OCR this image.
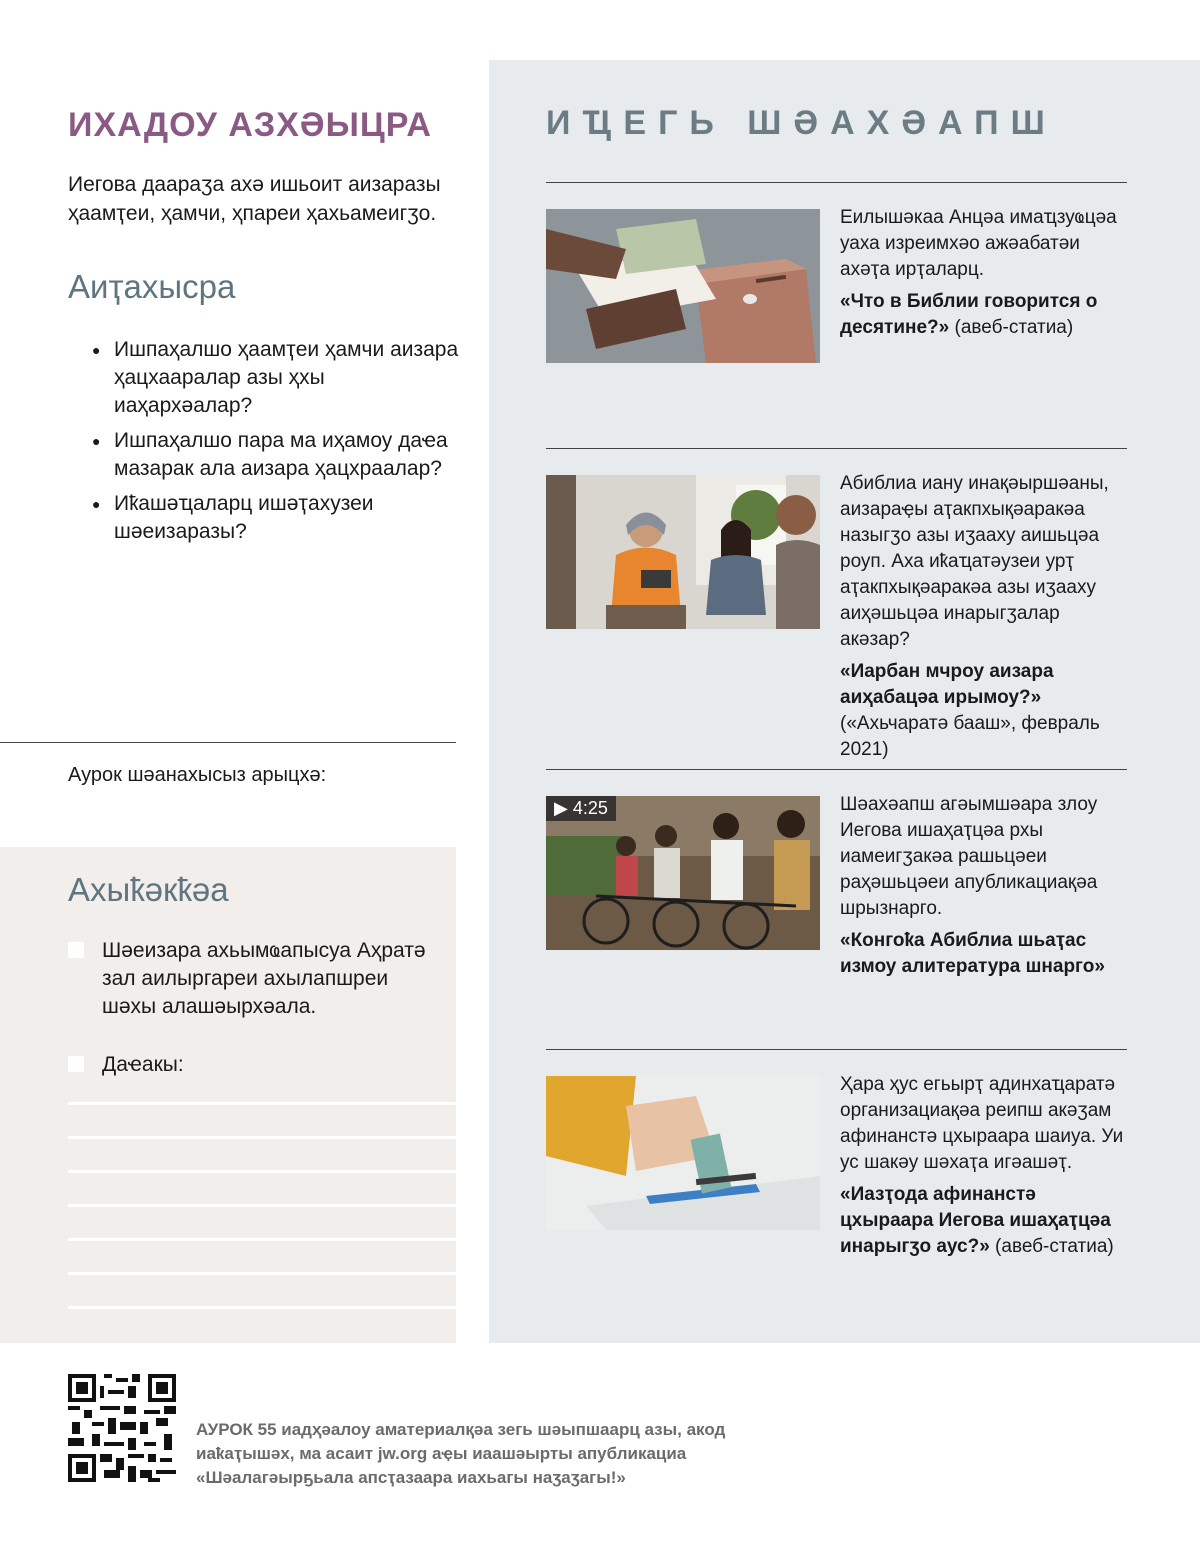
ИХАДОУ АЗХӘЫЦРА

Иегова даараӡа ахә ишьоит аизаразы ҳаамҭеи, ҳамчи, ҳпареи ҳахьамеигӡо.

Аиҭахысра
● Ишпаҳалшо ҳаамҭеи ҳамчи аизара ҳацхааралар азы ҳхы иаҳархәалар?
● Ишпаҳалшо пара ма иҳамоу даҽа мазарак ала аизара ҳацхраалар?
● Иҟашәҵаларц ишәҭахузеи шәеизаразы?

Аурок шәанахысыз арыцхә:

Ахыҟәкҟәа
Шәеизара ахьымҩапысуа Аҳратә зал аилыргареи ахылапшреи шәхы алашәырхәала.
Даҽакы:
ИҴЕГЬ ШӘАХӘАПШ

Еилышәкаа Анцәа имаҵзуҩцәа уаха изреимхәо ажәабатәи ахәҭа ирҭаларц.

«Что в Библии говорится о десятине?» (авеб-статиа)

Абиблиа иану инақәыршәаны, аизараҿы аҭакпхықәаракәа назыгӡо азы иӡааху аишьцәа роуп. Аха иҟаҵатәузеи урҭ аҭакпхықәаракәа азы иӡааху аиҳәшьцәа инарыгӡалар акәзар?

«Иарбан мчроу аизара аиҳабацәа ирымоу?» («Ахьчаратә бааш», февраль 2021)

▶ 4:25	Шәахәапш агәымшәара злоу Иегова ишаҳаҭцәа рхы иамеигӡакәа рашьцәеи раҳәшьцәеи апубликациақәа шрызнарго.

«Конгоҟа Абиблиа шьаҭас измоу алитература шнарго»

Ҳара ҳус егьырҭ адинхаҵаратә организациақәа реипш акәӡам афинанстә цхыраара шаиуа. Уи ус шакәу шәхаҭа игәашәҭ.

«Иазҭода афинанстә цхыраара Иегова ишаҳаҭцәа инарыгӡо аус?» (авеб-статиа)

АУРОК 55 иадҳәалоу аматериалқәа зегь шәыпшаарц азы, акод иаҟаҭышәх, ма асаит jw.org аҿы иаашәырты апубликациа «Шәалагәырҕьала апсҭазаара иахьагы наӡаӡагы!»
